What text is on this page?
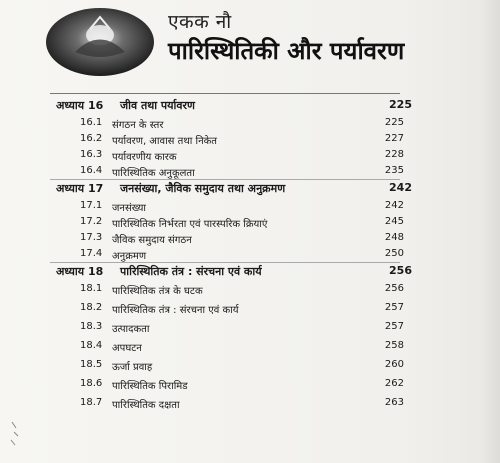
एकक नौ
पारिस्थितिकी और पर्यावरण
अध्याय 16 जीव तथा पर्यावरण	225
16.1 संगठन के स्तर	225
16.2 पर्यावरण, आवास तथा निकेत	227
16.3 पर्यावरणीय कारक	228
16.4 पारिस्थितिक अनुकूलता	235
अध्याय 17 जनसंख्या, जैविक समुदाय तथा अनुक्रमण	242
17.1 जनसंख्या	242
17.2 पारिस्थितिक निर्भरता एवं पारस्परिक क्रियाएं	245
17.3 जैविक समुदाय संगठन	248
17.4 अनुक्रमण	250
अध्याय 18 पारिस्थितिक तंत्र : संरचना एवं कार्य	256
18.1 पारिस्थितिक तंत्र के घटक	256
18.2 पारिस्थितिक तंत्र : संरचना एवं कार्य	257
18.3 उत्पादकता	257
18.4 अपघटन	258
18.5 ऊर्जा प्रवाह	260
18.6 पारिस्थितिक पिरामिड	262
18.7 पारिस्थितिक दक्षता	263
